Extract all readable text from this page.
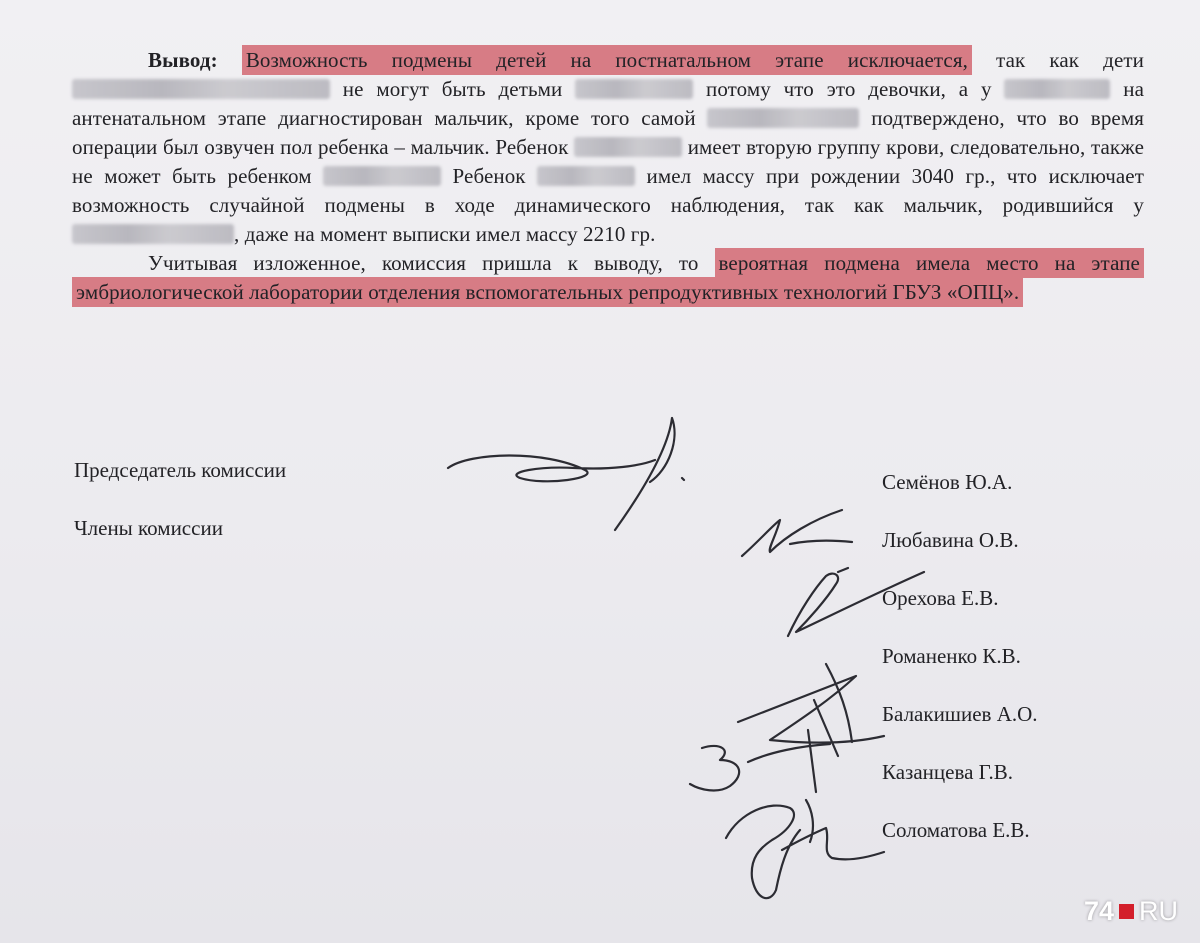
Вывод: Возможность подмены детей на постнатальном этапе исключается, так как дети  не могут быть детьми	потому что это девочки, а у	на антенатальном этапе диагностирован мальчик, кроме того самой	подтверждено, что во время операции был озвучен пол ребенка – мальчик. Ребенок	имеет вторую группу крови, следовательно, также не может быть ребенком	Ребенок	имел массу при рождении 3040 гр., что исключает возможность случайной подмены в ходе динамического наблюдения, так как мальчик, родившийся у , даже на момент выписки имел массу 2210 гр.

Учитывая изложенное, комиссия пришла к выводу, то вероятная подмена имела место на этапе эмбриологической лаборатории отделения вспомогательных репродуктивных технологий ГБУЗ «ОПЦ».

Председатель комиссии
Члены комиссии
Семёнов Ю.А.
Любавина О.В.
Орехова Е.В.
Романенко К.В.
Балакишиев А.О.
Казанцева Г.В.
Соломатова Е.В.
74 RU
